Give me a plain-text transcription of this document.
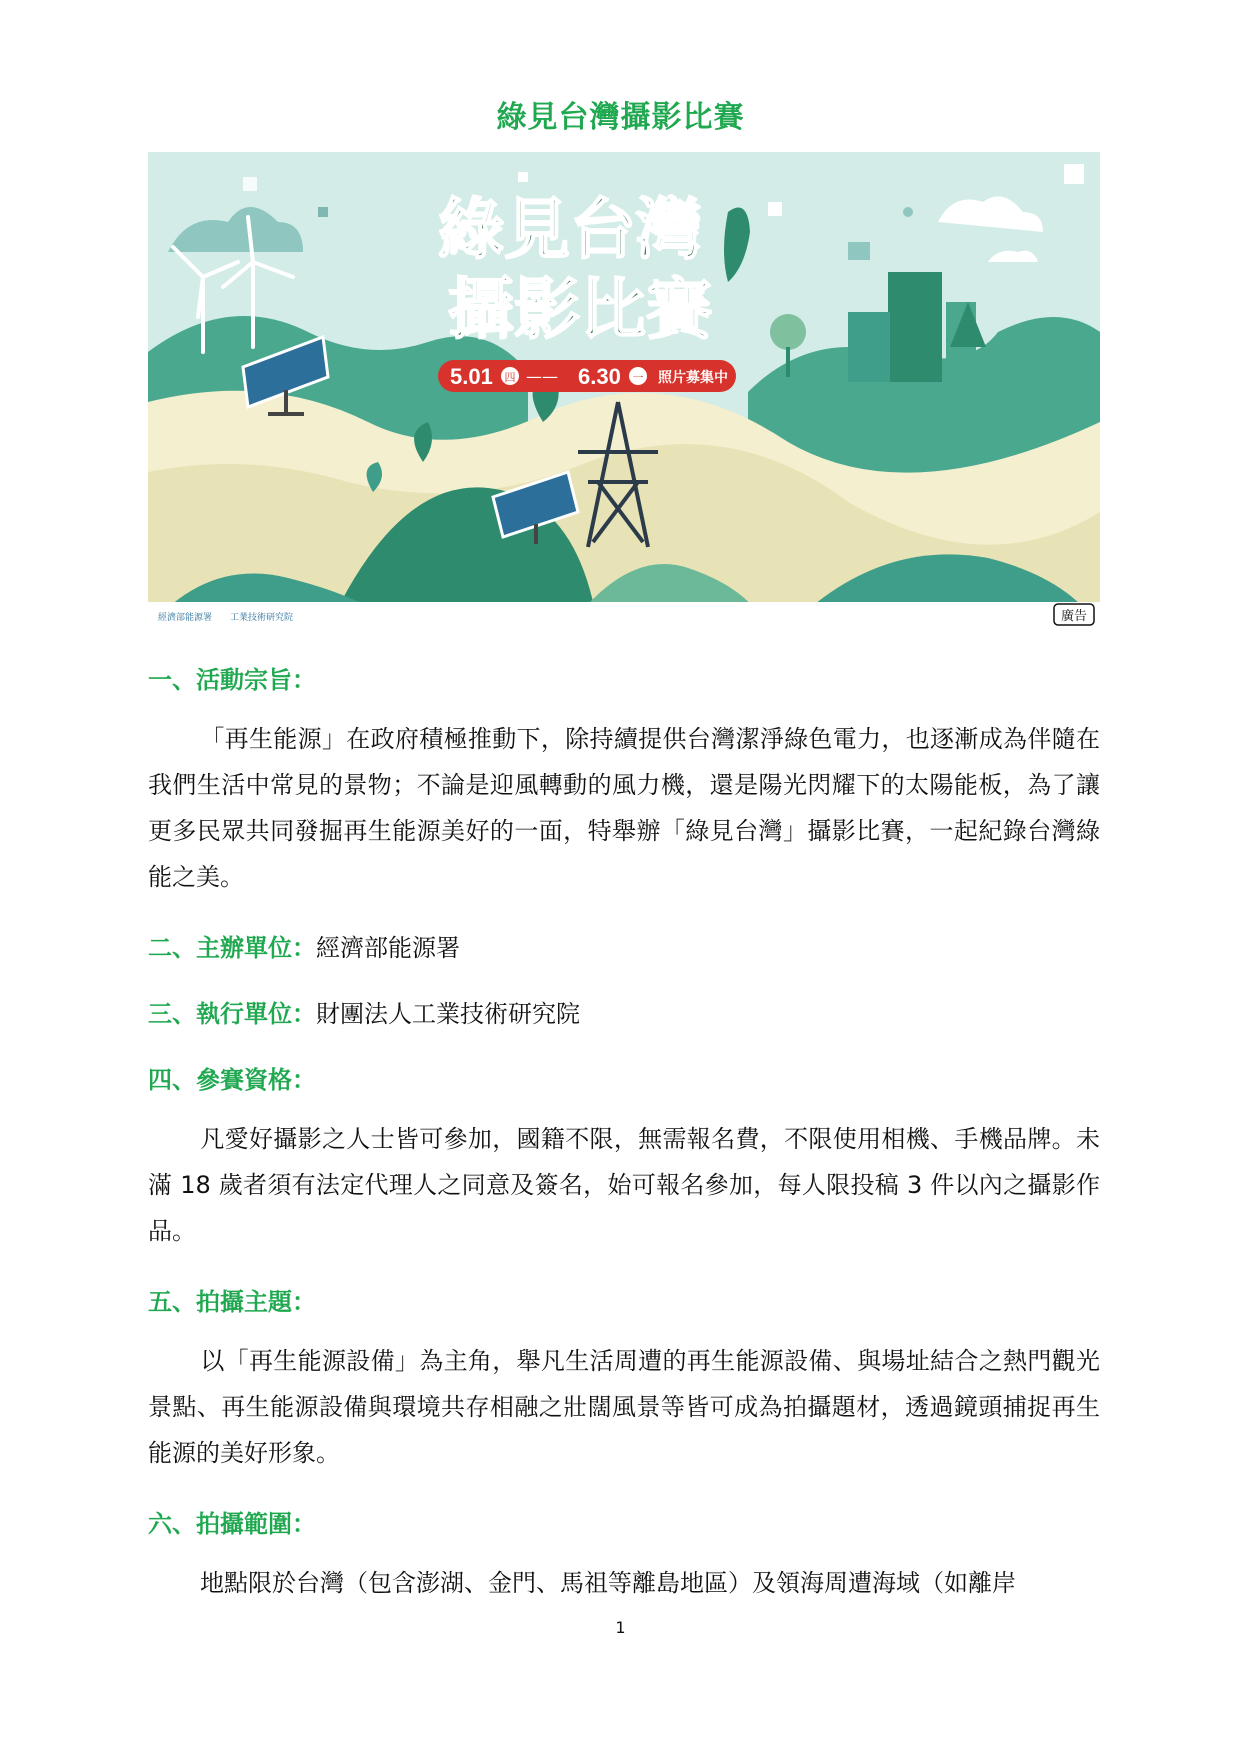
綠見台灣攝影比賽
綠見台灣
攝影比賽
5.01 四 —— 6.30 一 照片募集中
經濟部能源署 工業技術研究院	廣告
一、活動宗旨：
「再生能源」在政府積極推動下，除持續提供台灣潔淨綠色電力，也逐漸成為伴隨在我們生活中常見的景物；不論是迎風轉動的風力機，還是陽光閃耀下的太陽能板，為了讓更多民眾共同發掘再生能源美好的一面，特舉辦「綠見台灣」攝影比賽，一起紀錄台灣綠能之美。
二、主辦單位：經濟部能源署
三、執行單位：財團法人工業技術研究院
四、參賽資格：
凡愛好攝影之人士皆可參加，國籍不限，無需報名費，不限使用相機、手機品牌。未滿 18 歲者須有法定代理人之同意及簽名，始可報名參加，每人限投稿 3 件以內之攝影作品。
五、拍攝主題：
以「再生能源設備」為主角，舉凡生活周遭的再生能源設備、與場址結合之熱門觀光景點、再生能源設備與環境共存相融之壯闊風景等皆可成為拍攝題材，透過鏡頭捕捉再生能源的美好形象。
六、拍攝範圍：
地點限於台灣（包含澎湖、金門、馬祖等離島地區）及領海周遭海域（如離岸
1
